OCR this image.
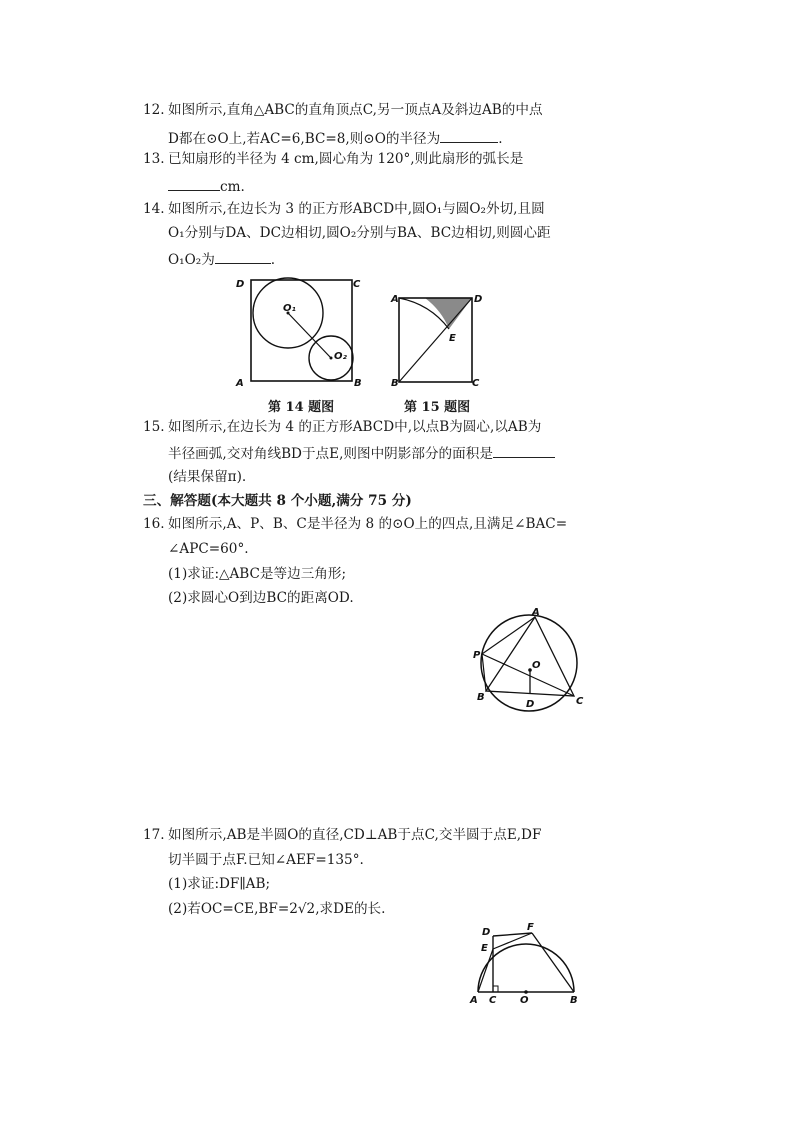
12. 如图所示,直角△ABC的直角顶点C,另一顶点A及斜边AB的中点
D都在⊙O上,若AC=6,BC=8,则⊙O的半径为	.
13. 已知扇形的半径为 4 cm,圆心角为 120°,则此扇形的弧长是
cm.
14. 如图所示,在边长为 3 的正方形ABCD中,圆O₁与圆O₂外切,且圆
O₁分别与DA、DC边相切,圆O₂分别与BA、BC边相切,则圆心距
O₁O₂为	.
D	C
A	B
O₁
O₂
第 14 题图
A	D
E
B	C
第 15 题图
15. 如图所示,在边长为 4 的正方形ABCD中,以点B为圆心,以AB为
半径画弧,交对角线BD于点E,则图中阴影部分的面积是
(结果保留π).
三、解答题(本大题共 8 个小题,满分 75 分)
16. 如图所示,A、P、B、C是半径为 8 的⊙O上的四点,且满足∠BAC=
∠APC=60°.
(1)求证:△ABC是等边三角形;
(2)求圆心O到边BC的距离OD.
A
P
O
B	C
D
17. 如图所示,AB是半圆O的直径,CD⊥AB于点C,交半圆于点E,DF
切半圆于点F.已知∠AEF=135°.
(1)求证:DF∥AB;
(2)若OC=CE,BF=2√2,求DE的长.
D	F
E
A C O	B
